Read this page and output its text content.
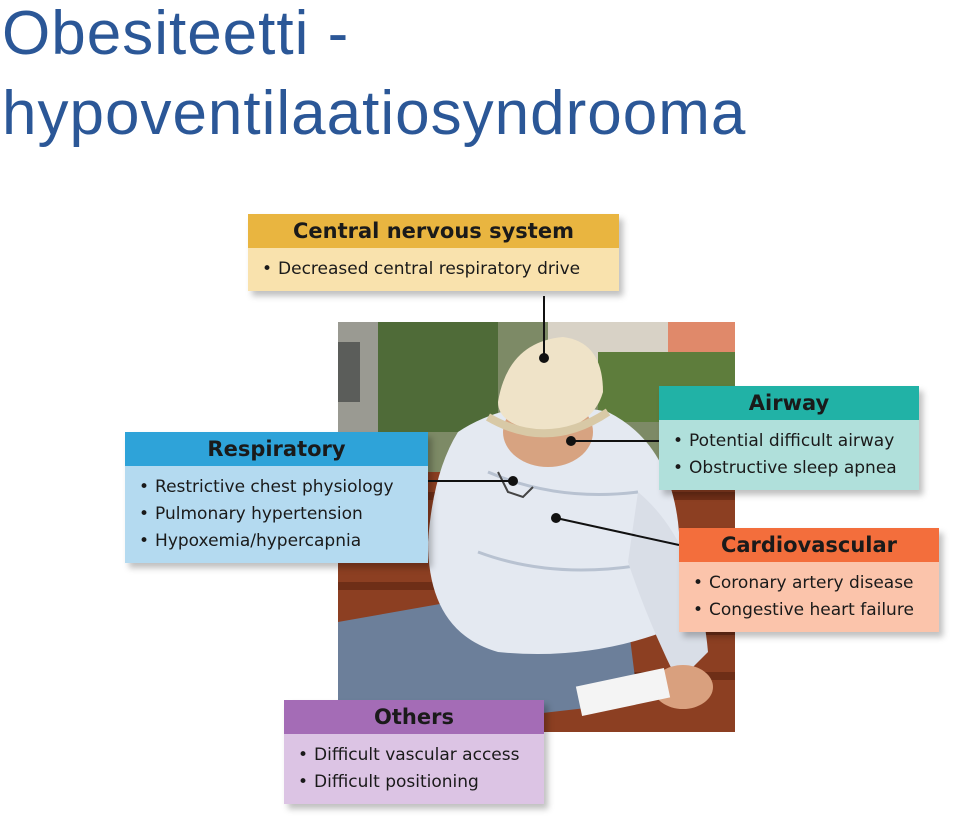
Obesiteetti -
hypoventilaatiosyndrooma
Central nervous system
• Decreased central respiratory drive
Respiratory
• Restrictive chest physiology
• Pulmonary hypertension
• Hypoxemia/hypercapnia
Airway
• Potential difficult airway
• Obstructive sleep apnea
Cardiovascular
• Coronary artery disease
• Congestive heart failure
Others
• Difficult vascular access
• Difficult positioning
